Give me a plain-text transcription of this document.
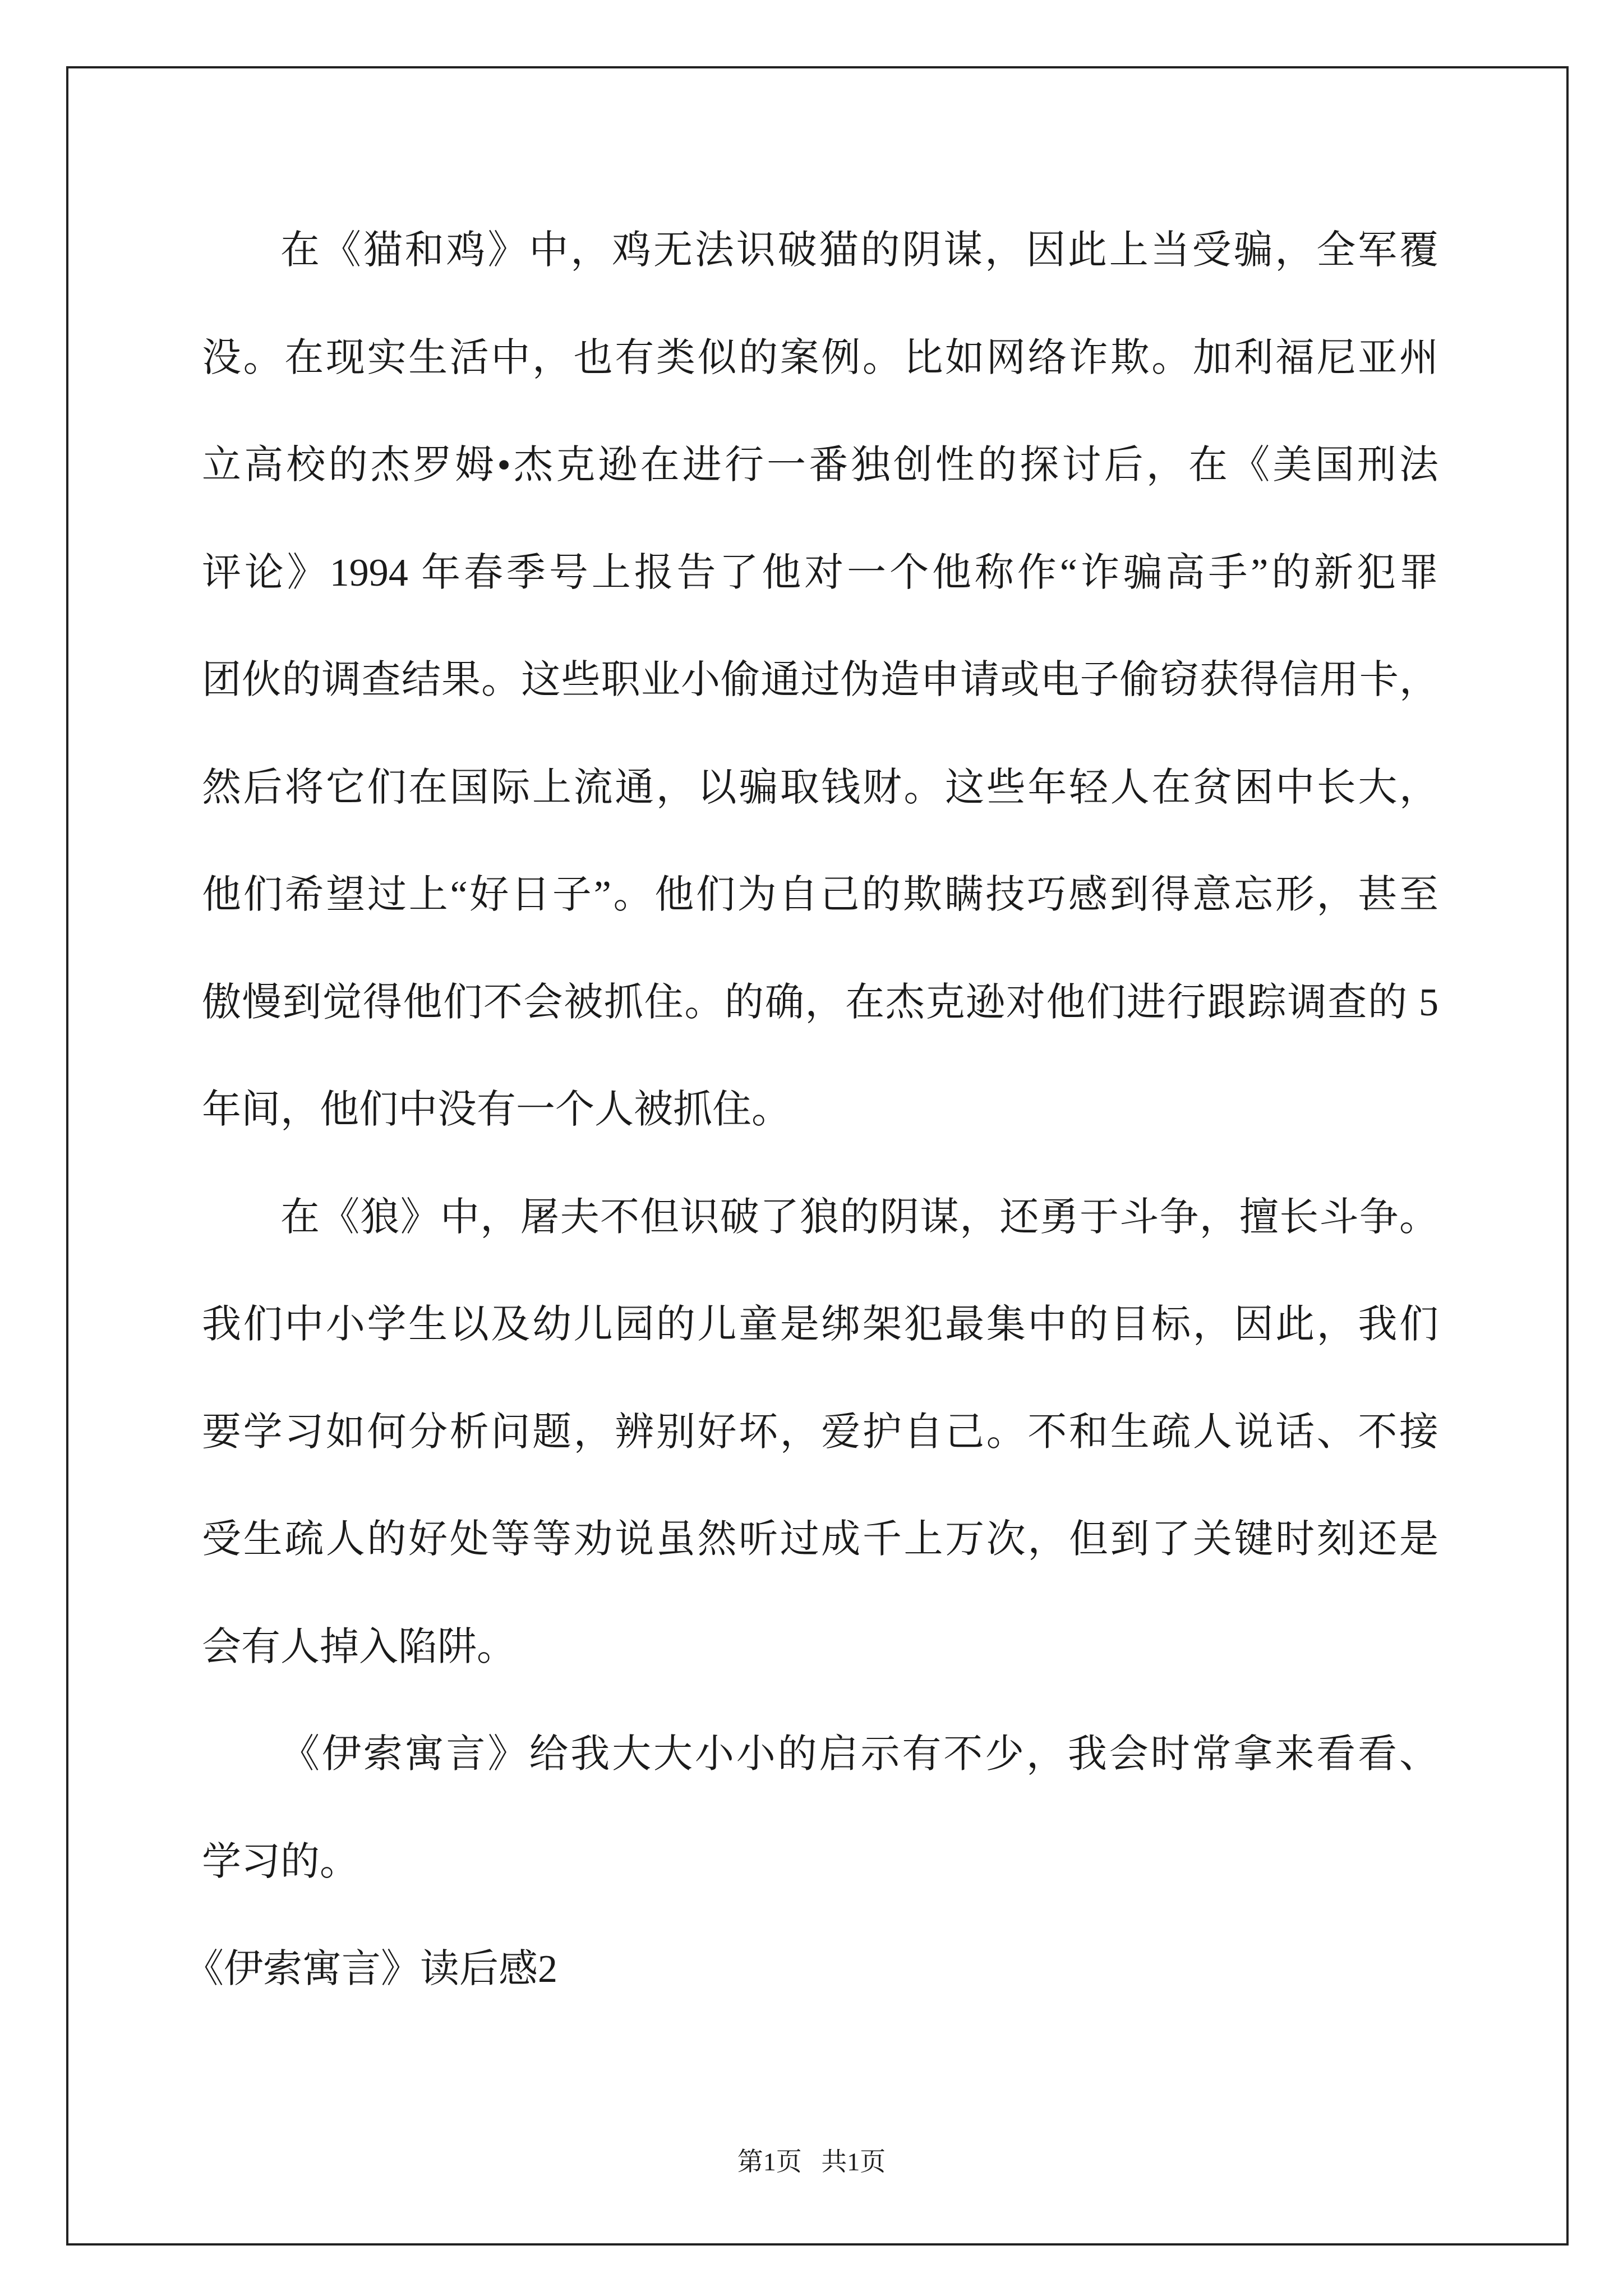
在《猫和鸡》中，鸡无法识破猫的阴谋，因此上当受骗，全军覆
没。在现实生活中，也有类似的案例。比如网络诈欺。加利福尼亚州
立高校的杰罗姆•杰克逊在进行一番独创性的探讨后，在《美国刑法
评论》1994 年春季号上报告了他对一个他称作“诈骗高手”的新犯罪
团伙的调查结果。这些职业小偷通过伪造申请或电子偷窃获得信用卡，
然后将它们在国际上流通，以骗取钱财。这些年轻人在贫困中长大，
他们希望过上“好日子”。他们为自己的欺瞒技巧感到得意忘形，甚至
傲慢到觉得他们不会被抓住。的确，在杰克逊对他们进行跟踪调查的 5
年间，他们中没有一个人被抓住。
在《狼》中，屠夫不但识破了狼的阴谋，还勇于斗争，擅长斗争。
我们中小学生以及幼儿园的儿童是绑架犯最集中的目标，因此，我们
要学习如何分析问题，辨别好坏，爱护自己。不和生疏人说话、不接
受生疏人的好处等等劝说虽然听过成千上万次，但到了关键时刻还是
会有人掉入陷阱。
《伊索寓言》给我大大小小的启示有不少，我会时常拿来看看、
学习的。
《伊索寓言》读后感2
第1页   共1页
